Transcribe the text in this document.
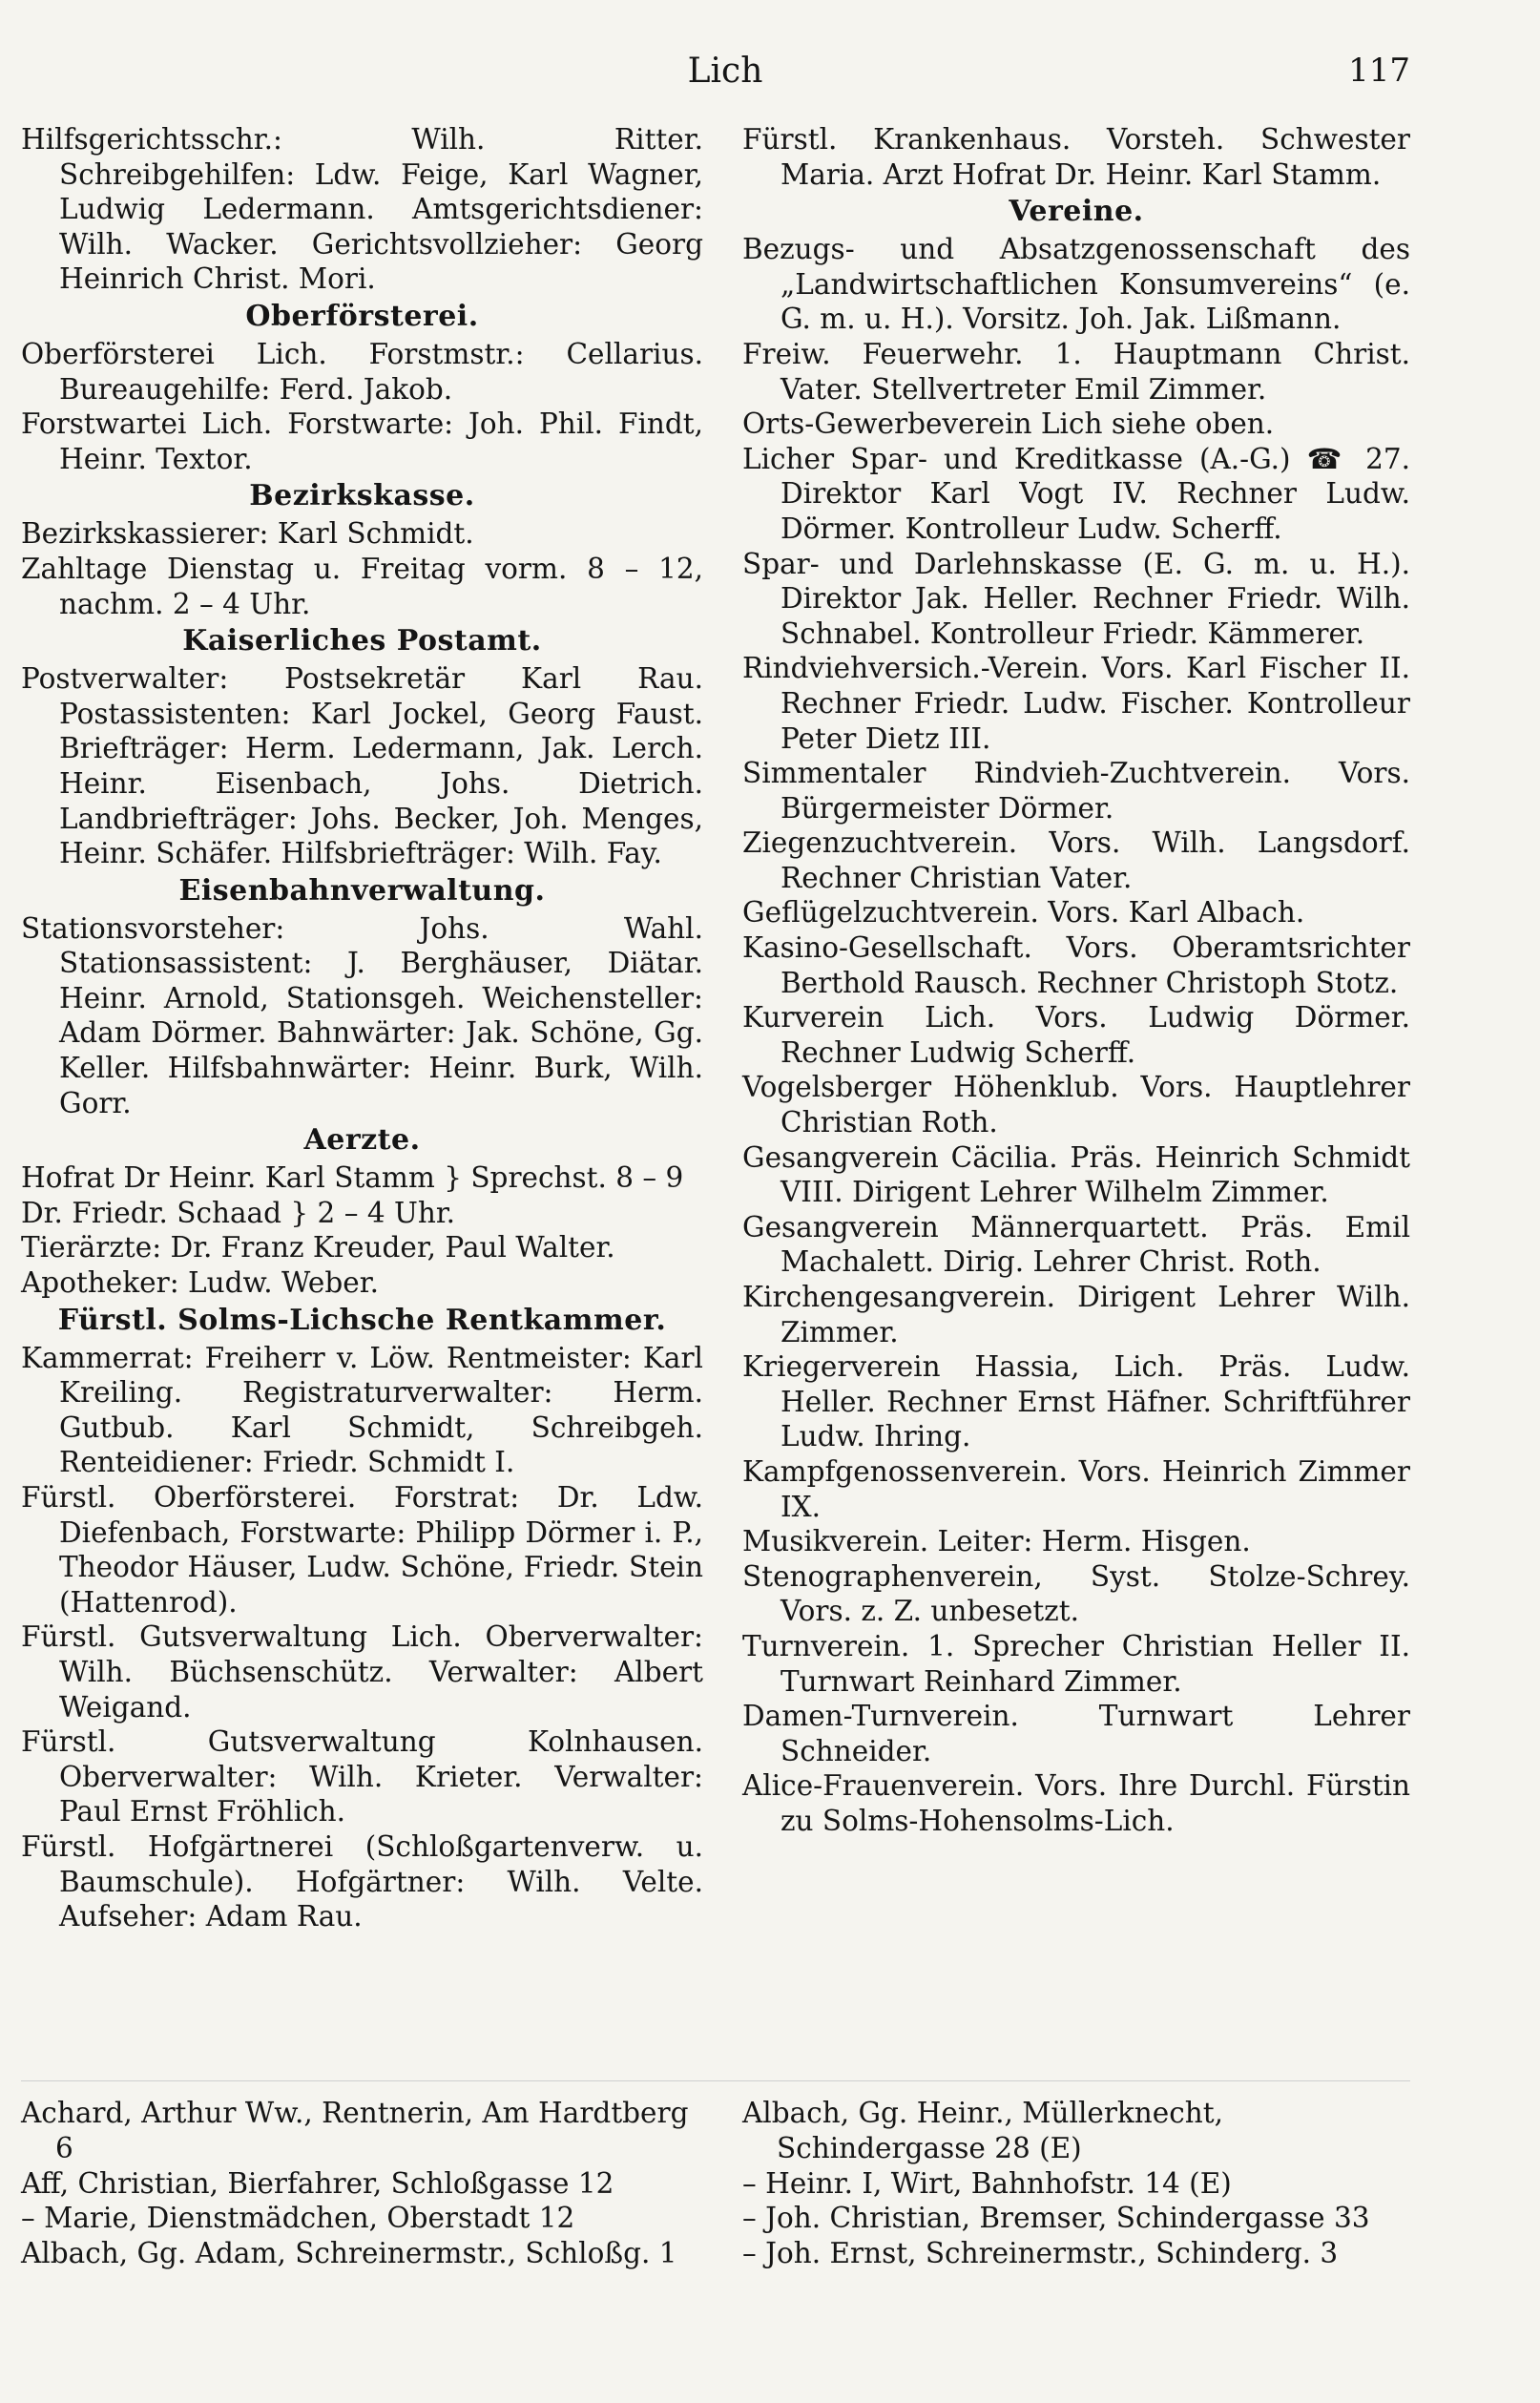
Lich	117

Hilfsgerichtsschr.: Wilh. Ritter. Schreibgehilfen: Ldw. Feige, Karl Wagner, Ludwig Ledermann. Amtsgerichtsdiener: Wilh. Wacker. Gerichtsvollzieher: Georg Heinrich Christ. Mori.

Oberförsterei.

Oberförsterei Lich. Forstmstr.: Cellarius. Bureaugehilfe: Ferd. Jakob.

Forstwartei Lich. Forstwarte: Joh. Phil. Findt, Heinr. Textor.

Bezirkskasse.

Bezirkskassierer: Karl Schmidt.

Zahltage Dienstag u. Freitag vorm. 8 – 12, nachm. 2 – 4 Uhr.

Kaiserliches Postamt.

Postverwalter: Postsekretär Karl Rau. Postassistenten: Karl Jockel, Georg Faust. Briefträger: Herm. Ledermann, Jak. Lerch. Heinr. Eisenbach, Johs. Dietrich. Landbriefträger: Johs. Becker, Joh. Menges, Heinr. Schäfer. Hilfsbriefträger: Wilh. Fay.

Eisenbahnverwaltung.

Stationsvorsteher: Johs. Wahl. Stationsassistent: J. Berghäuser, Diätar. Heinr. Arnold, Stationsgeh. Weichensteller: Adam Dörmer. Bahnwärter: Jak. Schöne, Gg. Keller. Hilfsbahnwärter: Heinr. Burk, Wilh. Gorr.

Aerzte.

Hofrat Dr Heinr. Karl Stamm } Sprechst. 8 – 9

Dr. Friedr. Schaad } 2 – 4 Uhr.

Tierärzte: Dr. Franz Kreuder, Paul Walter.

Apotheker: Ludw. Weber.

Fürstl. Solms-Lichsche Rentkammer.

Kammerrat: Freiherr v. Löw. Rentmeister: Karl Kreiling. Registraturverwalter: Herm. Gutbub. Karl Schmidt, Schreibgeh. Renteidiener: Friedr. Schmidt I.

Fürstl. Oberförsterei. Forstrat: Dr. Ldw. Diefenbach, Forstwarte: Philipp Dörmer i. P., Theodor Häuser, Ludw. Schöne, Friedr. Stein (Hattenrod).

Fürstl. Gutsverwaltung Lich. Oberverwalter: Wilh. Büchsenschütz. Verwalter: Albert Weigand.

Fürstl. Gutsverwaltung Kolnhausen. Oberverwalter: Wilh. Krieter. Verwalter: Paul Ernst Fröhlich.

Fürstl. Hofgärtnerei (Schloßgartenverw. u. Baumschule). Hofgärtner: Wilh. Velte. Aufseher: Adam Rau.

Fürstl. Krankenhaus. Vorsteh. Schwester Maria. Arzt Hofrat Dr. Heinr. Karl Stamm.

Vereine.

Bezugs- und Absatzgenossenschaft des „Landwirtschaftlichen Konsumvereins“ (e. G. m. u. H.). Vorsitz. Joh. Jak. Lißmann.

Freiw. Feuerwehr. 1. Hauptmann Christ. Vater. Stellvertreter Emil Zimmer.

Orts-Gewerbeverein Lich siehe oben.

Licher Spar- und Kreditkasse (A.-G.) ☎ 27. Direktor Karl Vogt IV. Rechner Ludw. Dörmer. Kontrolleur Ludw. Scherff.

Spar- und Darlehnskasse (E. G. m. u. H.). Direktor Jak. Heller. Rechner Friedr. Wilh. Schnabel. Kontrolleur Friedr. Kämmerer.

Rindviehversich.-Verein. Vors. Karl Fischer II. Rechner Friedr. Ludw. Fischer. Kontrolleur Peter Dietz III.

Simmentaler Rindvieh-Zuchtverein. Vors. Bürgermeister Dörmer.

Ziegenzuchtverein. Vors. Wilh. Langsdorf. Rechner Christian Vater.

Geflügelzuchtverein. Vors. Karl Albach.

Kasino-Gesellschaft. Vors. Oberamtsrichter Berthold Rausch. Rechner Christoph Stotz.

Kurverein Lich. Vors. Ludwig Dörmer. Rechner Ludwig Scherff.

Vogelsberger Höhenklub. Vors. Hauptlehrer Christian Roth.

Gesangverein Cäcilia. Präs. Heinrich Schmidt VIII. Dirigent Lehrer Wilhelm Zimmer.

Gesangverein Männerquartett. Präs. Emil Machalett. Dirig. Lehrer Christ. Roth.

Kirchengesangverein. Dirigent Lehrer Wilh. Zimmer.

Kriegerverein Hassia, Lich. Präs. Ludw. Heller. Rechner Ernst Häfner. Schriftführer Ludw. Ihring.

Kampfgenossenverein. Vors. Heinrich Zimmer IX.

Musikverein. Leiter: Herm. Hisgen.

Stenographenverein, Syst. Stolze-Schrey. Vors. z. Z. unbesetzt.

Turnverein. 1. Sprecher Christian Heller II. Turnwart Reinhard Zimmer.

Damen-Turnverein. Turnwart Lehrer Schneider.

Alice-Frauenverein. Vors. Ihre Durchl. Fürstin zu Solms-Hohensolms-Lich.

Achard, Arthur Ww., Rentnerin, Am Hardtberg 6

Aff, Christian, Bierfahrer, Schloßgasse 12

– Marie, Dienstmädchen, Oberstadt 12

Albach, Gg. Adam, Schreinermstr., Schloßg. 1

Albach, Gg. Heinr., Müllerknecht, Schindergasse 28 (E)

– Heinr. I, Wirt, Bahnhofstr. 14 (E)

– Joh. Christian, Bremser, Schindergasse 33

– Joh. Ernst, Schreinermstr., Schinderg. 3
